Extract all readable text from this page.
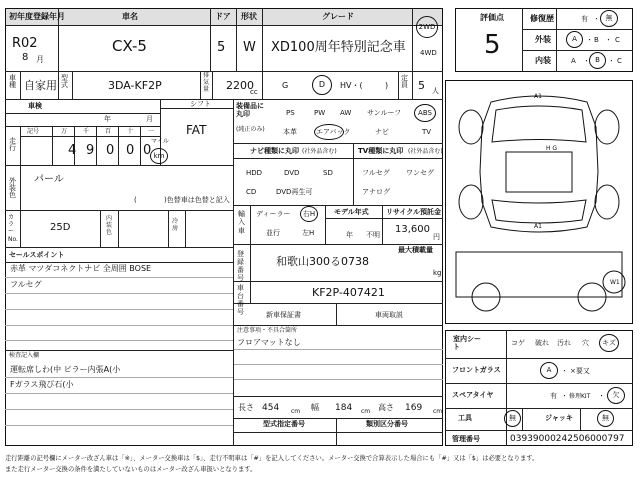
初年度登録年月	車名	ドア 形状	グレード
R02
8 月
CX-5	5 W XD100周年特別記念車
2WD
4WD
車種 自家用
型式	3DA-KF2P
排気量 2200
cc
G	D HV・(	)
定員 5 人
車検
年	月
シフト
FAT
走行
記号	万	千	百	十 一
4 9 0 0 0
マイル
km
装備品に丸印
(純正のみ)
PS	PW AW サンルーフ ABS
本革	エアバック	ナビ	TV
ナビ種類に丸印 (社外品含む)	TV種類に丸印 (社外品含む)
HDD	DVD	SD
CD	DVD再生可
フルセグ ワンセグ
アナログ
外装色
パール
(	)色替車は色替と記入
カラーNo.
25D
内装色
冷房
輸入車
ディーラー 右H
並行	左H
モデル年式
年 不明
リサイクル預託金
13,600
円
登録番号
和歌山300る0738
最大積載量
kg
車台番号
KF2P-407421
セールスポイント
赤革 マツダコネクトナビ 全周囲 BOSE
フルセグ
新車保証書	車両取説
注意事項・不具合箇所
フロアマットなし
検査記入欄
運転席しわ(中 ピラー内張A(小
Fガラス飛び石(小
長さ 454 cm 幅 184 cm 高さ 169 cm
型式指定番号	類別区分番号
評価点
5
修復歴	有 ・ 無
外装	A ・ B ・ C
内装	A ・ B ・ C
A1
A1
H G
W1
室内シート
コゲ 破れ 汚れ 穴 キズ
フロントガラス	A ・ ×要又
スペアタイヤ	有 ・ 修理KIT ・ 欠
工具	無	ジャッキ	無
管理番号	0393900024250600079​7
走行距離の記号欄にメーター改ざん車は「※」、メーター交換車は「$」、走行不明車は「#」を記入してください。メーター交換で合算表示した場合にも「#」又は「$」は必要となります。
また走行メーター交換の条件を満たしていないものはメーター改ざん車扱いとなります。
